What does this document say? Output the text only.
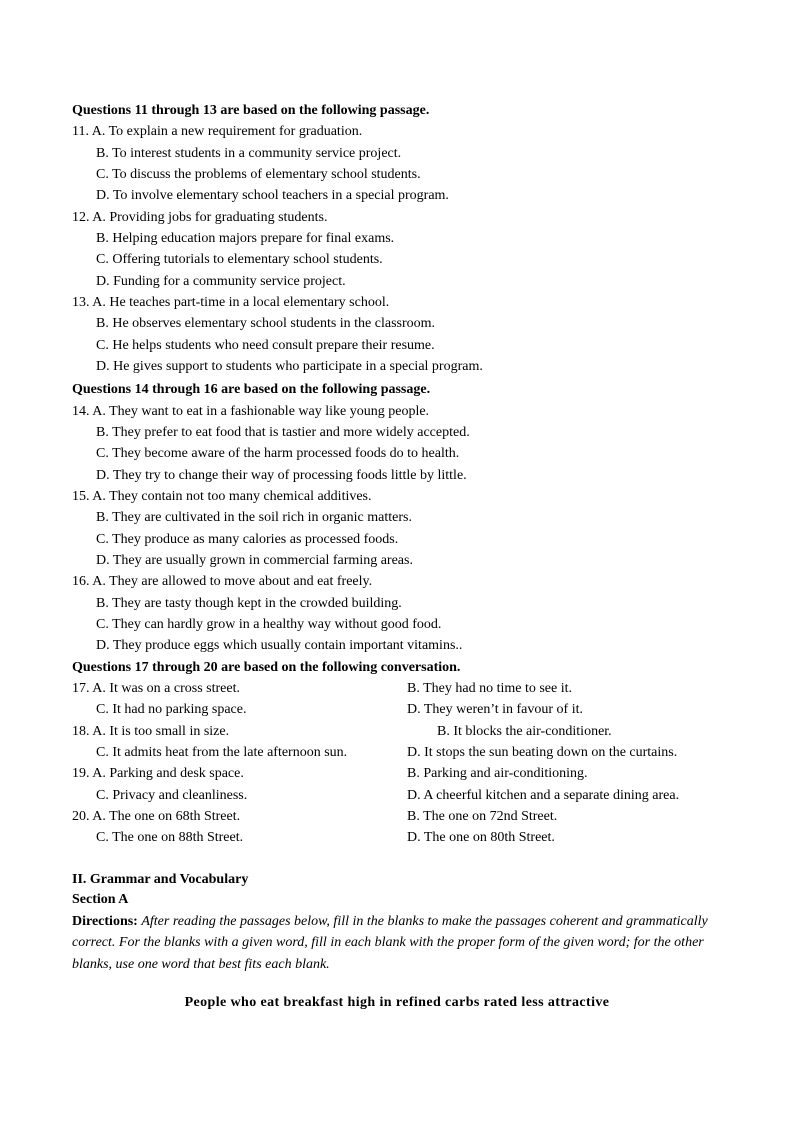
Questions 11 through 13 are based on the following passage.
11. A. To explain a new requirement for graduation.
B. To interest students in a community service project.
C. To discuss the problems of elementary school students.
D. To involve elementary school teachers in a special program.
12. A. Providing jobs for graduating students.
B. Helping education majors prepare for final exams.
C. Offering tutorials to elementary school students.
D. Funding for a community service project.
13. A. He teaches part-time in a local elementary school.
B. He observes elementary school students in the classroom.
C. He helps students who need consult prepare their resume.
D. He gives support to students who participate in a special program.
Questions 14 through 16 are based on the following passage.
14. A. They want to eat in a fashionable way like young people.
B. They prefer to eat food that is tastier and more widely accepted.
C. They become aware of the harm processed foods do to health.
D. They try to change their way of processing foods little by little.
15. A. They contain not too many chemical additives.
B. They are cultivated in the soil rich in organic matters.
C. They produce as many calories as processed foods.
D. They are usually grown in commercial farming areas.
16. A. They are allowed to move about and eat freely.
B. They are tasty though kept in the crowded building.
C. They can hardly grow in a healthy way without good food.
D. They produce eggs which usually contain important vitamins..
Questions 17 through 20 are based on the following conversation.
17. A. It was on a cross street.	B. They had no time to see it.
C. It had no parking space.	D. They weren’t in favour of it.
18. A. It is too small in size.	B. It blocks the air-conditioner.
C. It admits heat from the late afternoon sun.	D. It stops the sun beating down on the curtains.
19. A. Parking and desk space.	B. Parking and air-conditioning.
C. Privacy and cleanliness.	D. A cheerful kitchen and a separate dining area.
20. A. The one on 68th Street.	B. The one on 72nd Street.
C. The one on 88th Street.	D. The one on 80th Street.
II. Grammar and Vocabulary
Section A
Directions: After reading the passages below, fill in the blanks to make the passages coherent and grammatically correct. For the blanks with a given word, fill in each blank with the proper form of the given word; for the other blanks, use one word that best fits each blank.
People who eat breakfast high in refined carbs rated less attractive
